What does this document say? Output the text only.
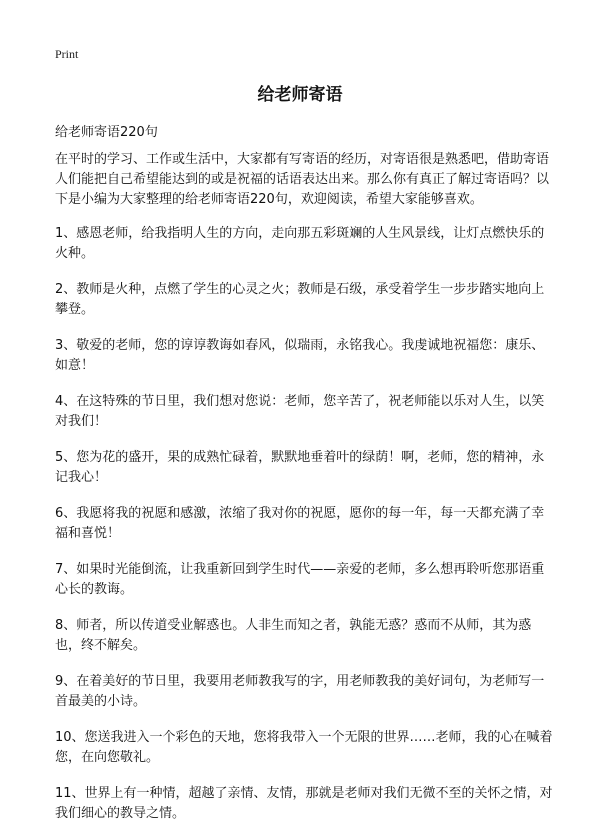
Print
给老师寄语
给老师寄语220句

在平时的学习、工作或生活中，大家都有写寄语的经历，对寄语很是熟悉吧，借助寄语人们能把自己希望能达到的或是祝福的话语表达出来。那么你有真正了解过寄语吗？以下是小编为大家整理的给老师寄语220句，欢迎阅读，希望大家能够喜欢。

1、感恩老师，给我指明人生的方向，走向那五彩斑斓的人生风景线，让灯点燃快乐的火种。

2、教师是火种，点燃了学生的心灵之火；教师是石级，承受着学生一步步踏实地向上攀登。

3、敬爱的老师，您的谆谆教诲如春风，似瑞雨，永铭我心。我虔诚地祝福您：康乐、如意！

4、在这特殊的节日里，我们想对您说：老师，您辛苦了，祝老师能以乐对人生，以笑对我们！

5、您为花的盛开，果的成熟忙碌着，默默地垂着叶的绿荫！啊，老师，您的精神，永记我心！

6、我愿将我的祝愿和感激，浓缩了我对你的祝愿，愿你的每一年，每一天都充满了幸福和喜悦！

7、如果时光能倒流，让我重新回到学生时代——亲爱的老师，多么想再聆听您那语重心长的教诲。

8、师者，所以传道受业解惑也。人非生而知之者，孰能无惑？惑而不从师，其为惑也，终不解矣。

9、在着美好的节日里，我要用老师教我写的字，用老师教我的美好词句，为老师写一首最美的小诗。

10、您送我进入一个彩色的天地，您将我带入一个无限的世界……老师，我的心在喊着您，在向您敬礼。

11、世界上有一种情，超越了亲情、友情，那就是老师对我们无微不至的关怀之情，对我们细心的教导之情。
